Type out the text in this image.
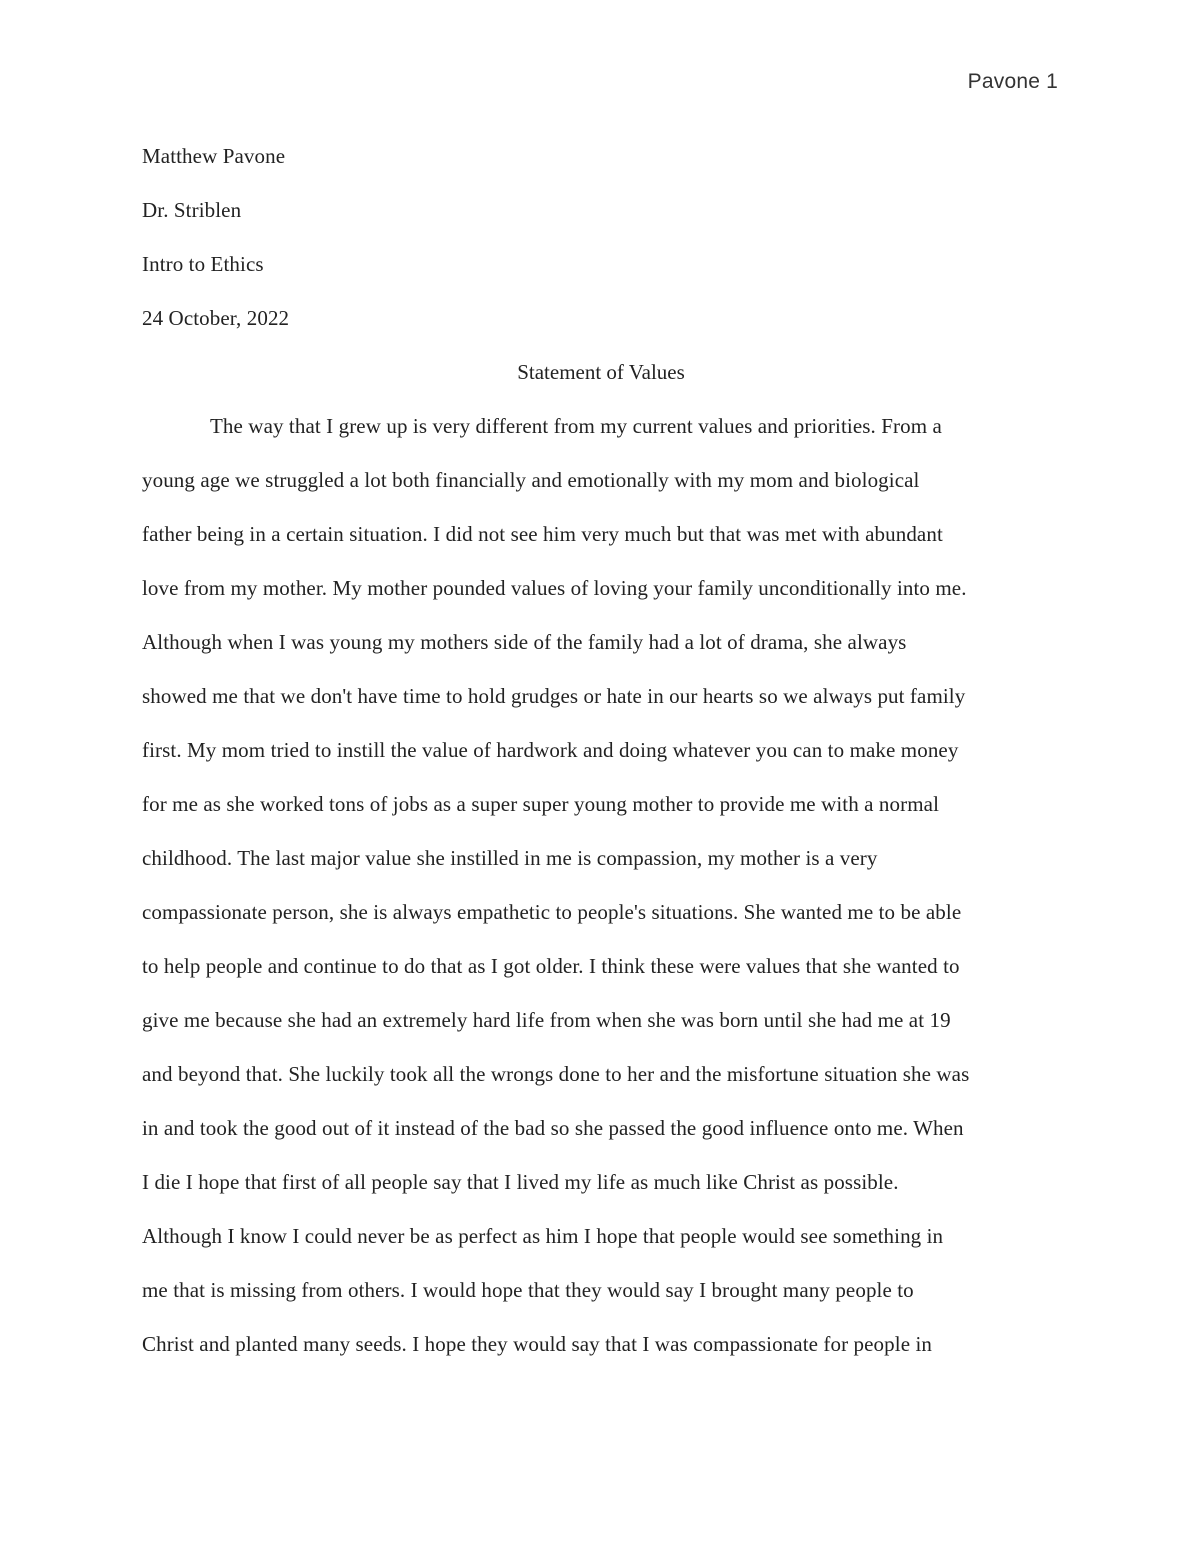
Pavone 1
Matthew Pavone
Dr. Striblen
Intro to Ethics
24 October, 2022
Statement of Values
The way that I grew up is very different from my current values and priorities. From a
young age we struggled a lot both financially and emotionally with my mom and biological
father being in a certain situation. I did not see him very much but that was met with abundant
love from my mother. My mother pounded values of loving your family unconditionally into me.
Although when I was young my mothers side of the family had a lot of drama, she always
showed me that we don't have time to hold grudges or hate in our hearts so we always put family
first. My mom tried to instill the value of hardwork and doing whatever you can to make money
for me as she worked tons of jobs as a super super young mother to provide me with a normal
childhood. The last major value she instilled in me is compassion, my mother is a very
compassionate person, she is always empathetic to people's situations. She wanted me to be able
to help people and continue to do that as I got older. I think these were values that she wanted to
give me because she had an extremely hard life from when she was born until she had me at 19
and beyond that. She luckily took all the wrongs done to her and the misfortune situation she was
in and took the good out of it instead of the bad so she passed the good influence onto me. When
I die I hope that first of all people say that I lived my life as much like Christ as possible.
Although I know I could never be as perfect as him I hope that people would see something in
me that is missing from others. I would hope that they would say I brought many people to
Christ and planted many seeds. I hope they would say that I was compassionate for people in
